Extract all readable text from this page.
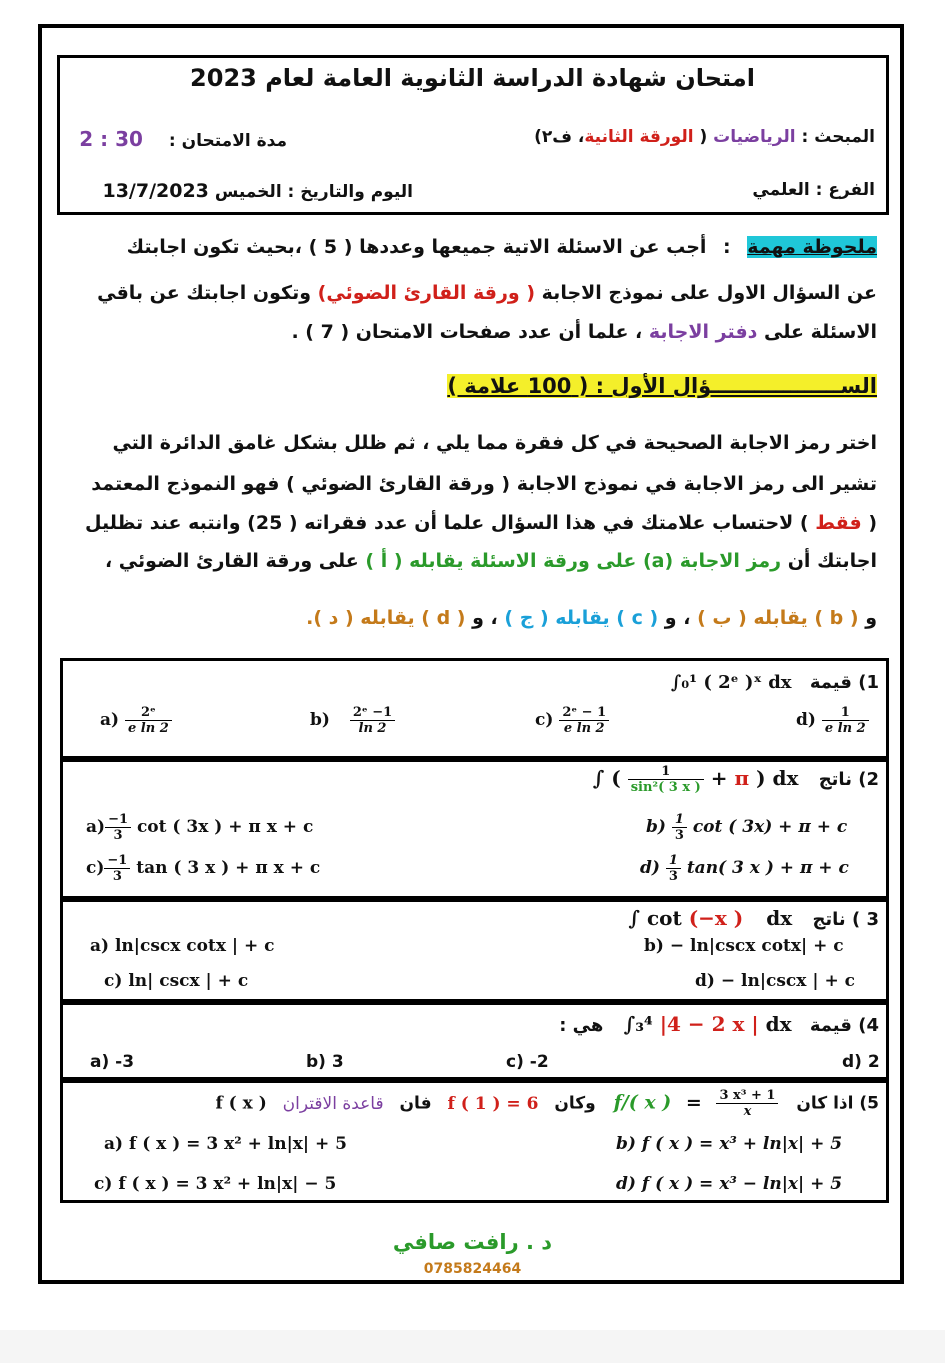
امتحان شهادة الدراسة الثانوية العامة لعام 2023
المبحث : الرياضيات ( الورقة الثانية، ف٢)
مدة الامتحان : 30 : 2
الفرع : العلمي
اليوم والتاريخ : الخميس 13/7/2023
ملحوظة مهمة : أجب عن الاسئلة الاتية جميعها وعددها ( 5 ) ،بحيث تكون اجابتك
عن السؤال الاول على نموذج الاجابة ( ورقة القارئ الضوئي) وتكون اجابتك عن باقي
الاسئلة على دفتر الاجابة ، علما أن عدد صفحات الامتحان ( 7 ) .
الســــــــــــــــــؤال الأول : ( 100 علامة )
اختر رمز الاجابة الصحيحة في كل فقرة مما يلي ، ثم ظلل بشكل غامق الدائرة التي
تشير الى رمز الاجابة في نموذج الاجابة ( ورقة القارئ الضوئي ) فهو النموذج المعتمد
( فقط ) لاحتساب علامتك في هذا السؤال علما أن عدد فقراته ( 25) وانتبه عند تظليل
اجابتك أن رمز الاجابة (a) على ورقة الاسئلة يقابله ( أ ) على ورقة القارئ الضوئي ،
و ( b ) يقابله ( ب ) ، و ( c ) يقابله ( ج ) ، و ( d ) يقابله ( د ).
1) قيمة ∫₀¹ ( 2ᵉ )ˣ dx
$a) \frac{\text{2ᵉ}}{\text{e ln 2}}$	$b) \frac{\text{2ᵉ −1}}{\ln 2}$	$c) \frac{\text{2ᵉ − 1}}{\text{e ln 2}}$	$d) \frac{1}{\text{e ln 2}}$
2) ناتج ∫ ( $\frac{1}{\text{sin²( 3 x )}} + \pi$ ) dx
$a) \frac{-1}{3}$ cot ( 3x ) + π x + c	$b) \frac{1}{3}$ cot ( 3x) + π + c
$c) \frac{-1}{3}$ tan ( 3 x ) + π x + c	$d) \frac{1}{3} \tan$( 3 x ) + π + c
3 ) ناتج ∫ cot (−x ) dx
a) ln|cscx cotx | + c	b) − ln|cscx cotx| + c
c) ln| cscx | + c	d) − ln|cscx | + c
4) قيمة ∫₃⁴ |4 − 2 x | dx هي :
a) -3	b) 3	c) -2	d) 2
5) اذا كان f/( x ) = $\frac{\text{3 x³ + 1}}{x}$
وكان f ( 1 ) = 6 فان قاعدة الاقتران f ( x )
a) f ( x ) = 3 x² + ln|x| + 5	b) f ( x ) = x³ + ln|x| + 5
c) f ( x ) = 3 x² + ln|x| − 5	d) f ( x ) = x³ − ln|x| + 5
د . رافت صافي
0785824464
